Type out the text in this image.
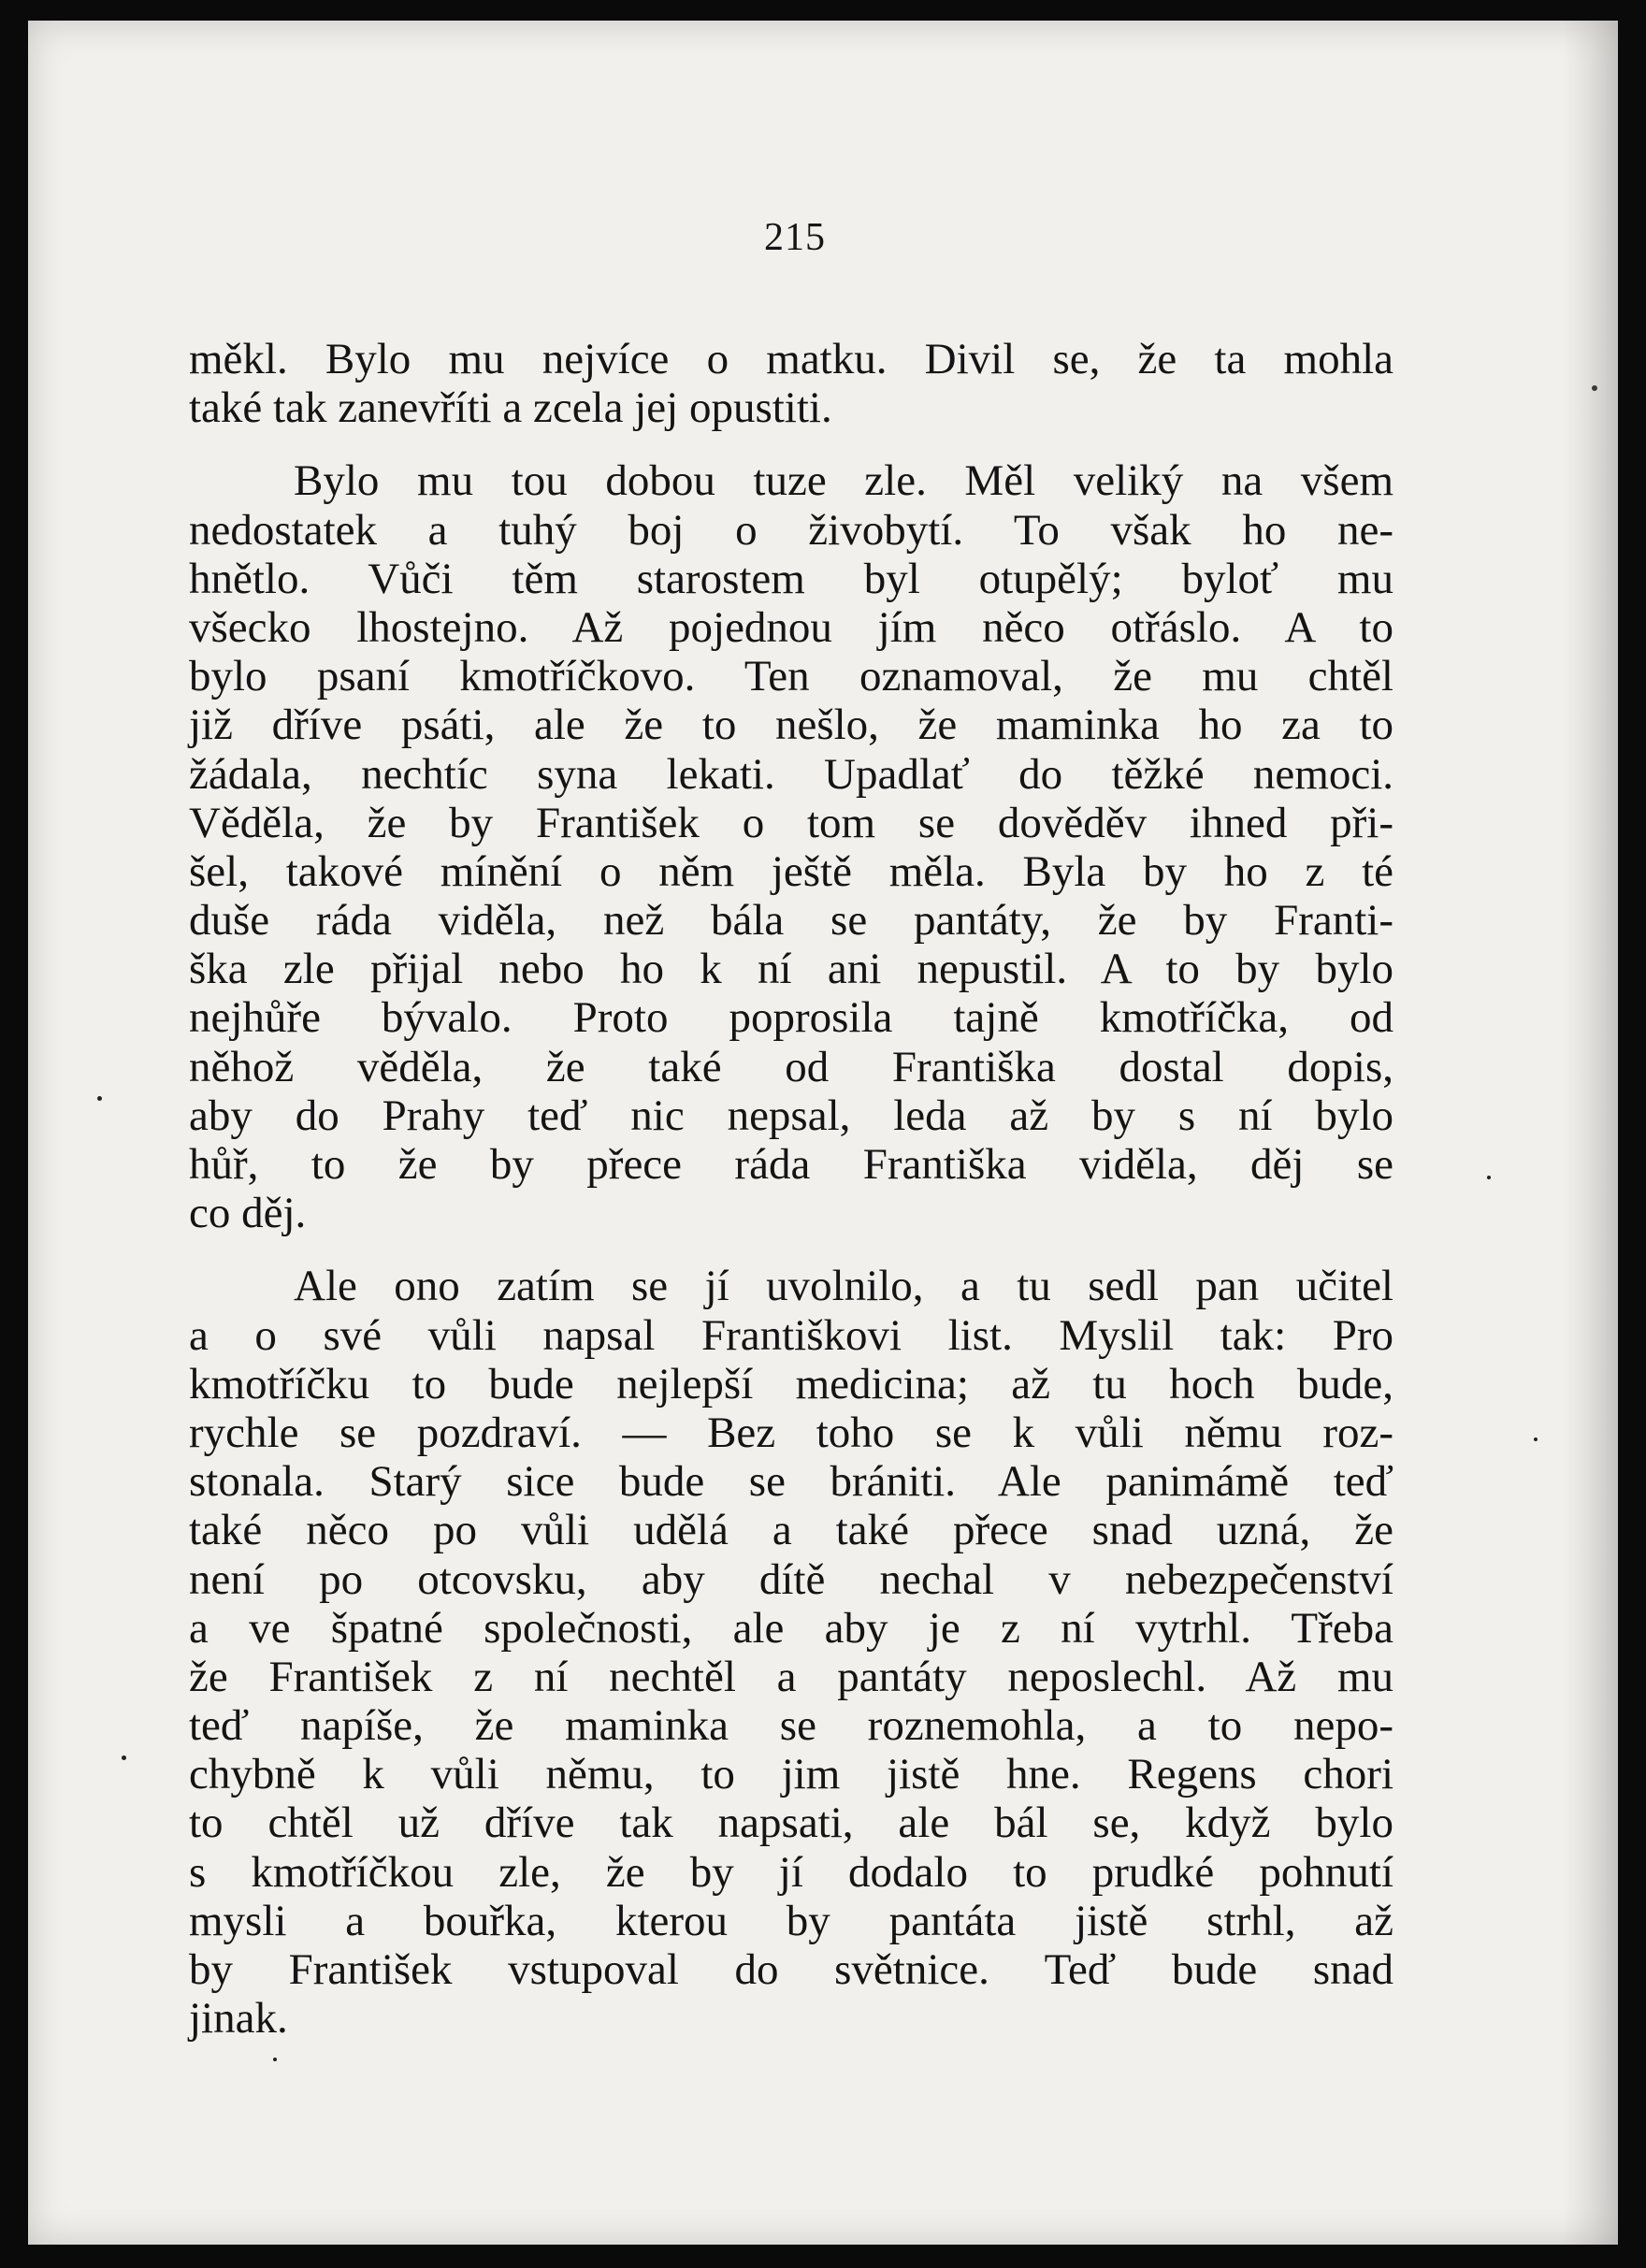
215
měkl. Bylo mu nejvíce o matku. Divil se, že ta mohla
také tak zanevříti a zcela jej opustiti.
Bylo mu tou dobou tuze zle. Měl veliký na všem
nedostatek a tuhý boj o živobytí. To však ho ne-
hnětlo. Vůči těm starostem byl otupělý; byloť mu
všecko lhostejno. Až pojednou jím něco otřáslo. A to
bylo psaní kmotříčkovo. Ten oznamoval, že mu chtěl
již dříve psáti, ale že to nešlo, že maminka ho za to
žádala, nechtíc syna lekati. Upadlať do těžké nemoci.
Věděla, že by František o tom se dověděv ihned při-
šel, takové mínění o něm ještě měla. Byla by ho z té
duše ráda viděla, než bála se pantáty, že by Franti-
ška zle přijal nebo ho k ní ani nepustil. A to by bylo
nejhůře bývalo. Proto poprosila tajně kmotříčka, od
něhož věděla, že také od Františka dostal dopis,
aby do Prahy teď nic nepsal, leda až by s ní bylo
hůř, to že by přece ráda Františka viděla, děj se
co děj.
Ale ono zatím se jí uvolnilo, a tu sedl pan učitel
a o své vůli napsal Františkovi list. Myslil tak: Pro
kmotříčku to bude nejlepší medicina; až tu hoch bude,
rychle se pozdraví. — Bez toho se k vůli němu roz-
stonala. Starý sice bude se brániti. Ale panimámě teď
také něco po vůli udělá a také přece snad uzná, že
není po otcovsku, aby dítě nechal v nebezpečenství
a ve špatné společnosti, ale aby je z ní vytrhl. Třeba
že František z ní nechtěl a pantáty neposlechl. Až mu
teď napíše, že maminka se roznemohla, a to nepo-
chybně k vůli němu, to jim jistě hne. Regens chori
to chtěl už dříve tak napsati, ale bál se, když bylo
s kmotříčkou zle, že by jí dodalo to prudké pohnutí
mysli a bouřka, kterou by pantáta jistě strhl, až
by František vstupoval do světnice. Teď bude snad
jinak.
